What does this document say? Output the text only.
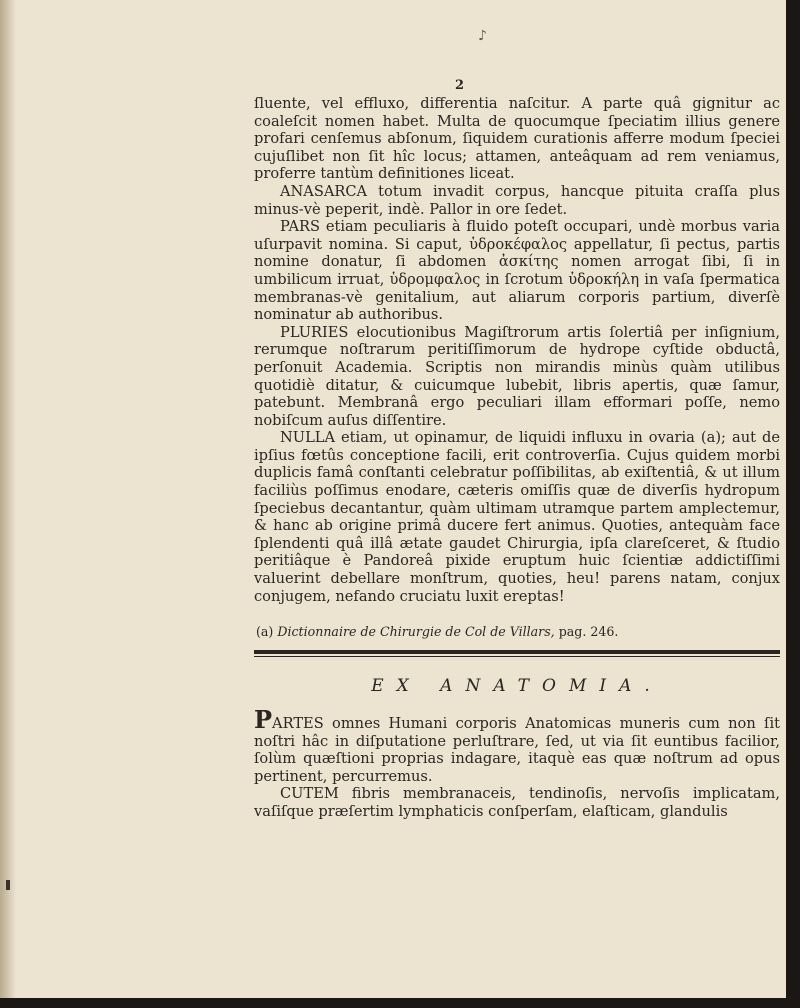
♪
2

ſluente, vel effluxo, differentia naſcitur. A parte quâ gignitur ac coaleſcit nomen habet. Multa de quocumque ſpeciatim illius genere profari cenſemus abſonum, ſiquidem curationis afferre modum ſpeciei cujuſlibet non ſit hîc locus; attamen, anteâquam ad rem veniamus, proferre tantùm definitiones liceat.

ANASARCA totum invadit corpus, hancque pituita craſſa plus minus-vè peperit, indè. Pallor in ore ſedet.

PARS etiam peculiaris à fluido poteſt occupari, undè morbus varia uſurpavit nomina. Si caput, ὑδροκέφαλος appellatur, ſi pectus, partis nomine donatur, ſi abdomen ἀσκίτης nomen arrogat ſibi, ſi in umbilicum irruat, ὑδρομφαλος in ſcrotum ὑδροκήλη in vaſa ſpermatica membranas-vè genitalium, aut aliarum corporis partium, diverſè nominatur ab authoribus.

PLURIES elocutionibus Magiſtrorum artis ſolertiâ per inſignium, rerumque noſtrarum peritiſſimorum de hydrope cyſtide obductâ, perſonuit Academia. Scriptis non mirandis minùs quàm utilibus quotidiè ditatur, & cuicumque lubebit, libris apertis, quæ ſamur, patebunt. Membranâ ergo peculiari illam efformari poſſe, nemo nobiſcum auſus diſſentire.

NULLA etiam, ut opinamur, de liquidi influxu in ovaria (a); aut de ipſius fœtûs conceptione facili, erit controverſia. Cujus quidem morbi duplicis famâ conſtanti celebratur poſſibilitas, ab exiſtentiâ, & ut illum faciliùs poſſimus enodare, cæteris omiſſis quæ de diverſis hydropum ſpeciebus decantantur, quàm ultimam utramque partem amplectemur, & hanc ab origine primâ ducere fert animus. Quoties, antequàm face ſplendenti quâ illâ ætate gaudet Chirurgia, ipſa clareſceret, & ſtudio peritiâque è Pandoreâ pixide eruptum huic ſcientiæ addictiſſimi valuerint debellare monſtrum, quoties, heu! parens natam, conjux conjugem, nefando cruciatu luxit ereptas!

(a) Dictionnaire de Chirurgie de Col de Villars, pag. 246.
EX ANATOMIA.

PARTES omnes Humani corporis Anatomicas muneris cum non ſit noſtri hâc in diſputatione perluſtrare, ſed, ut via ſit euntibus facilior, ſolùm quæſtioni proprias indagare, itaquè eas quæ noſtrum ad opus pertinent, percurremus.

CUTEM fibris membranaceis, tendinoſis, nervoſis implicatam, vaſiſque præſertim lymphaticis conſperſam, elaſticam, glandulis
